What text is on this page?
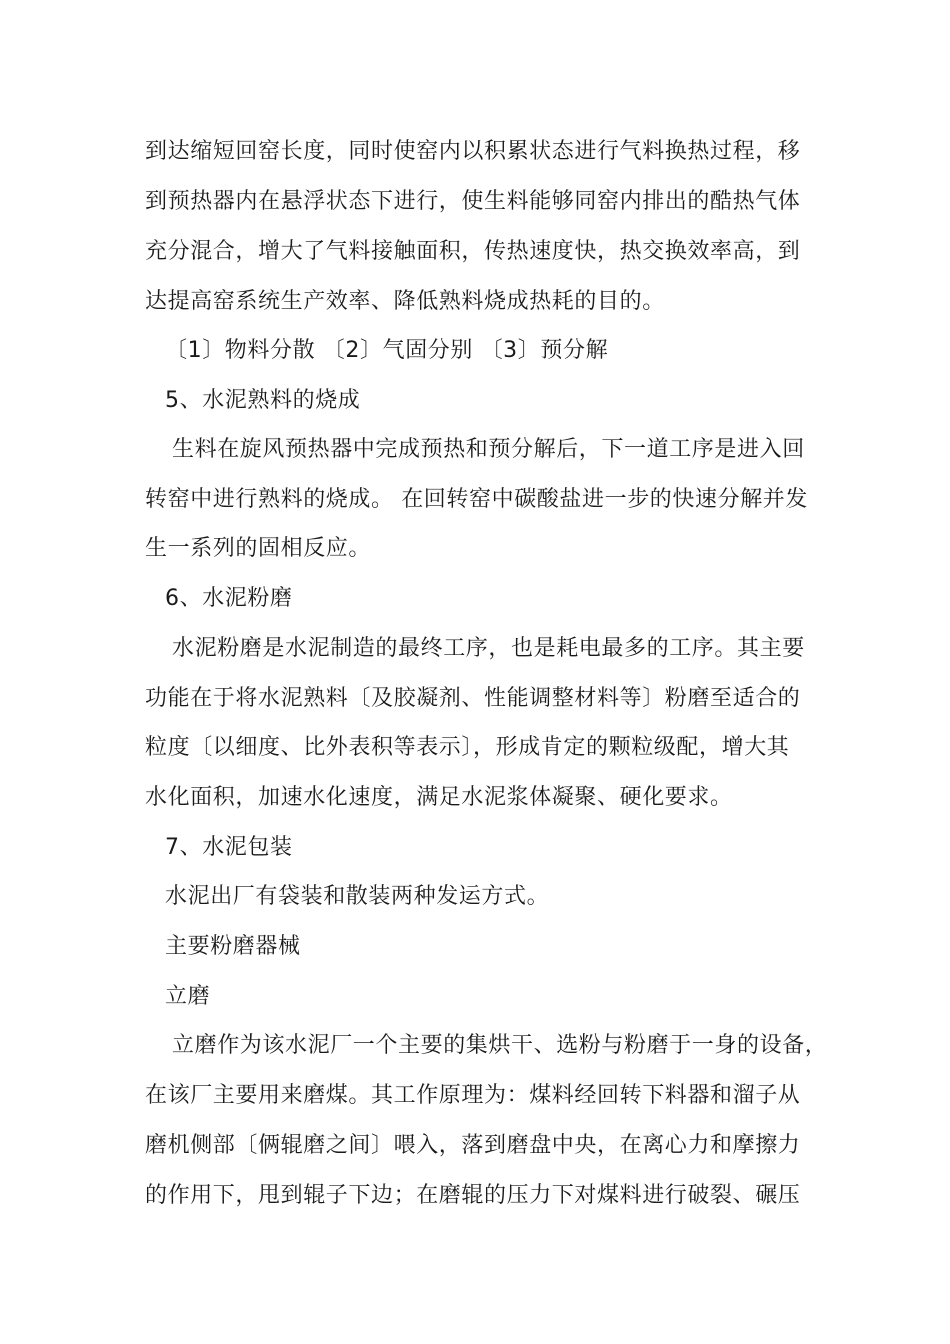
到达缩短回窑长度，同时使窑内以积累状态进行气料换热过程，移
到预热器内在悬浮状态下进行，使生料能够同窑内排出的酷热气体
充分混合，增大了气料接触面积，传热速度快，热交换效率高，到
达提高窑系统生产效率、降低熟料烧成热耗的目的。
〔1〕物料分散 〔2〕气固分别 〔3〕预分解
5、水泥熟料的烧成
生料在旋风预热器中完成预热和预分解后，下一道工序是进入回
转窑中进行熟料的烧成。 在回转窑中碳酸盐进一步的快速分解并发
生一系列的固相反应。
6、水泥粉磨
水泥粉磨是水泥制造的最终工序，也是耗电最多的工序。其主要
功能在于将水泥熟料〔及胶凝剂、性能调整材料等〕粉磨至适合的
粒度〔以细度、比外表积等表示〕，形成肯定的颗粒级配，增大其
水化面积，加速水化速度，满足水泥浆体凝聚、硬化要求。
7、水泥包装
水泥出厂有袋装和散装两种发运方式。
主要粉磨器械
立磨
立磨作为该水泥厂一个主要的集烘干、选粉与粉磨于一身的设备，
在该厂主要用来磨煤。其工作原理为：煤料经回转下料器和溜子从
磨机侧部〔俩辊磨之间〕喂入，落到磨盘中央，在离心力和摩擦力
的作用下，甩到辊子下边；在磨辊的压力下对煤料进行破裂、碾压
